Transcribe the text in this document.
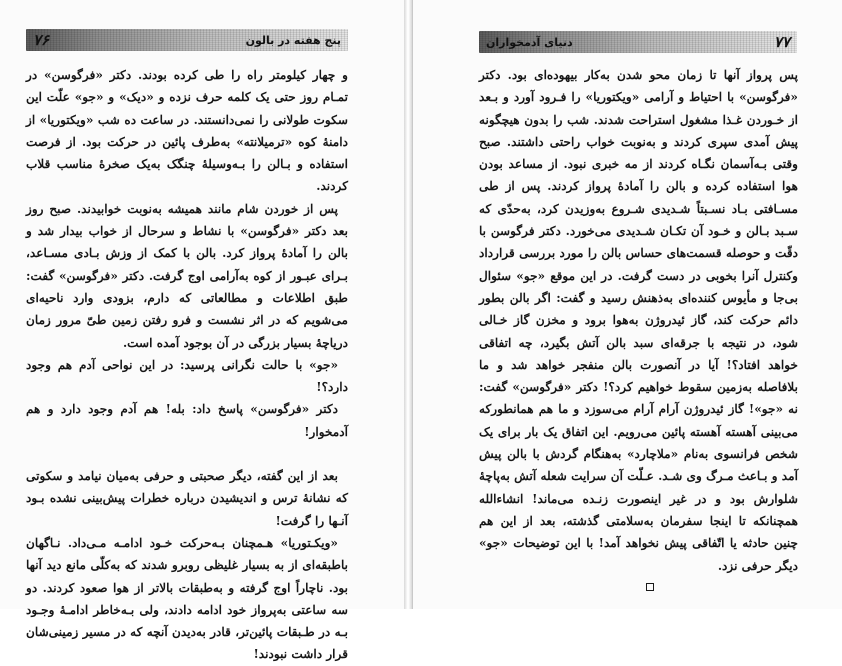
۷۶	پنج هفته در بالون

و چهار کیلومتر راه را طی کرده بودند. دکتر «فرگوسن» در تمـام روز حتی یک کلمه حرف نزده و «دیک» و «جو» علّت این سکوت طولانی را نمی‌دانستند. در ساعت ده شب «ویکتوریا» از دامنهٔ کوه «ترمیلانته» به‌طرف پائین در حرکت بود. از فرصت استفاده و بـالن را بـه‌وسیلهٔ چنگک به‌یک صخرهٔ مناسب قلاب کردند.

پس از خوردن شام مانند همیشه به‌نوبت خوابیدند. صبح روز بعد دکتر «فرگوسن» با نشاط و سرحال از خواب بیدار شد و بالن را آمادهٔ پرواز کرد. بالن با کمک از وزش بـادی مسـاعد، بـرای عبـور از کوه به‌آرامی اوج گرفت. دکتر «فرگوسن» گفت: طبق اطلاعات و مطالعاتی که دارم، بزودی وارد ناحیه‌ای می‌شویم که در اثر نشست و فرو رفتن زمین طیّ مرور زمان دریاچهٔ بسیار بزرگی در آن بوجود آمده است.

«جو» با حالت نگرانی پرسید: در این نواحی آدم هم وجود دارد؟!

دکتر «فرگوسن» پاسخ داد: بله! هم آدم وجود دارد و هم آدمخوار!

بعد از این گفته، دیگر صحبتی و حرفی به‌میان نیامد و سکوتی که نشانهٔ ترس و اندیشیدن درباره خطرات پیش‌بینی نشده بـود آنـها را گرفت!

«ویکـتوریا» هـمچنان بـه‌حرکت خـود ادامـه مـی‌داد. نـاگهان باطبقه‌ای از به بسیار غلیظی روبرو شدند که به‌کلّی مانع دید آنها بود. ناچاراً اوج گرفته و به‌طبقات بالاتر از هوا صعود کردند. دو سه ساعتی به‌پرواز خود ادامه دادند، ولی بـه‌خاطر ادامـهٔ وجـود بـه در طـبقات پائین‌تر، قادر به‌دیدن آنچه که در مسیر زمینی‌شان قرار داشت نبودند!

دنیای آدمخواران	۷۷

پس پرواز آنها تا زمان محو شدن به‌کار بیهوده‌ای بود. دکتر «فرگوسن» با احتیاط و آرامی «ویکتوریا» را فـرود آورد و بـعد از خـوردن غـذا مشغول استراحت شدند. شب را بدون هیچگونه پیش آمدی سپری کردند و به‌نوبت خواب راحتی داشتند. صبح وقتی بـه‌آسمان نگـاه کردند از مه خبری نبود. از مساعد بودن هوا استفاده کرده و بالن را آمادهٔ پرواز کردند. پس از طی مسـافتی بـاد نسـبتاً شـدیدی شـروع به‌وزیدن کرد، به‌حدّی که سـبد بـالن و خـود آن تکـان شـدیدی می‌خورد. دکتر فرگوسن با دقّت و حوصله قسمت‌های حساس بالن را مورد بررسی قرارداد وکنترل آنرا بخوبی در دست گرفت. در این موقع «جو» سئوال بی‌جا و مأیوس کننده‌ای به‌ذهنش رسید و گفت: اگر بالن بطور دائم حرکت کند، گاز ئیدروژن به‌هوا برود و مخزن گاز خـالی شود، در نتیجه با جرقه‌ای سبد بالن آتش بگیرد، چه اتفاقی خواهد افتاد؟! آیا در آنصورت بالن منفجر خواهد شد و ما بلافاصله به‌زمین سقوط خواهیم کرد؟! دکتر «فرگوسن» گفت: نه «جو»! گاز ئیدروژن آرام آرام می‌سوزد و ما هم همانطورکه می‌بینی آهسته آهسته پائین می‌رویم. این اتفاق یک بار برای یک شخص فرانسوی به‌نام «ملاچارد» به‌هنگام گردش با بالن پیش آمد و بـاعث مـرگ وی شـد. عـلّت آن سرایت شعله آتش به‌پاچهٔ شلوارش بود و در غیر اینصورت زنـده می‌ماند! انشاءالله همچنانکه تا اینجا سفرمان به‌سلامتی گذشته، بعد از این هم چنین حادثه یا اتّفاقی پیش نخواهد آمد! با این توضیحات «جو» دیگر حرفی نزد.
